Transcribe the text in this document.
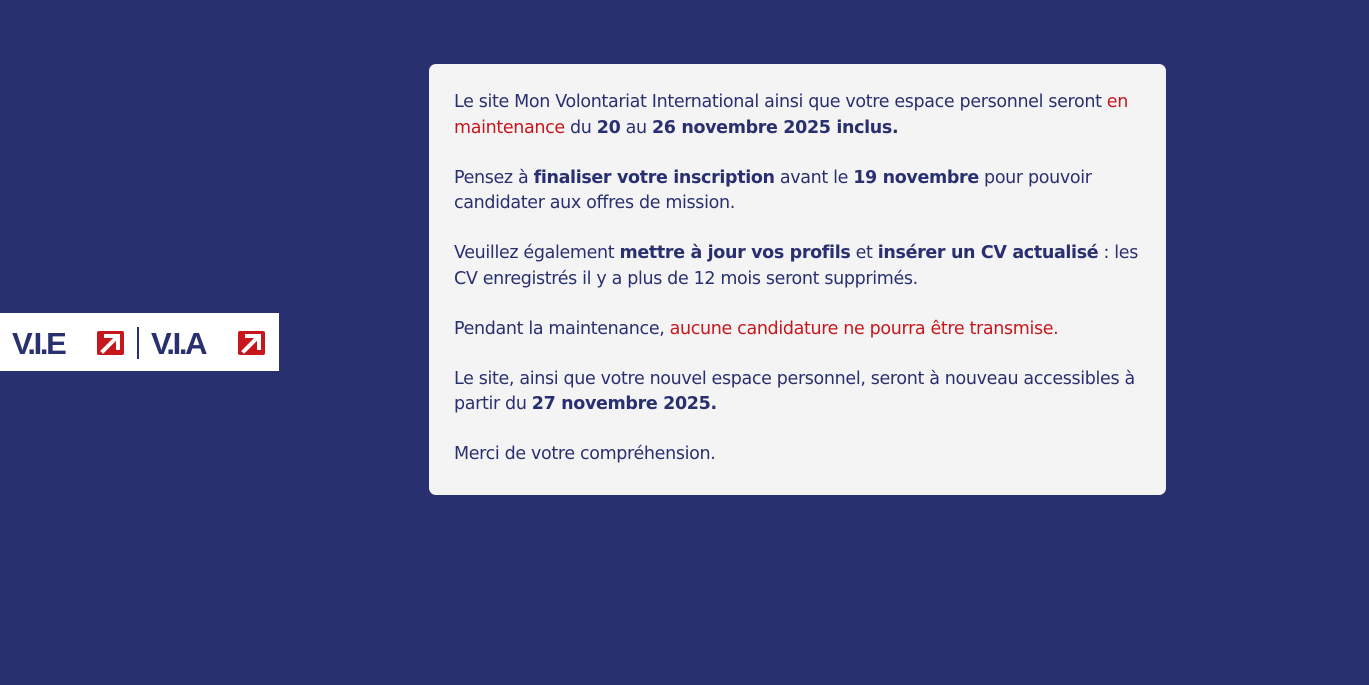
V.I.E	V.I.A

Le site Mon Volontariat International ainsi que votre espace personnel seront en maintenance du 20 au 26 novembre 2025 inclus.

Pensez à finaliser votre inscription avant le 19 novembre pour pouvoir candidater aux offres de mission.

Veuillez également mettre à jour vos profils et insérer un CV actualisé : les CV enregistrés il y a plus de 12 mois seront supprimés.

Pendant la maintenance, aucune candidature ne pourra être transmise.

Le site, ainsi que votre nouvel espace personnel, seront à nouveau accessibles à partir du 27 novembre 2025.

Merci de votre compréhension.
